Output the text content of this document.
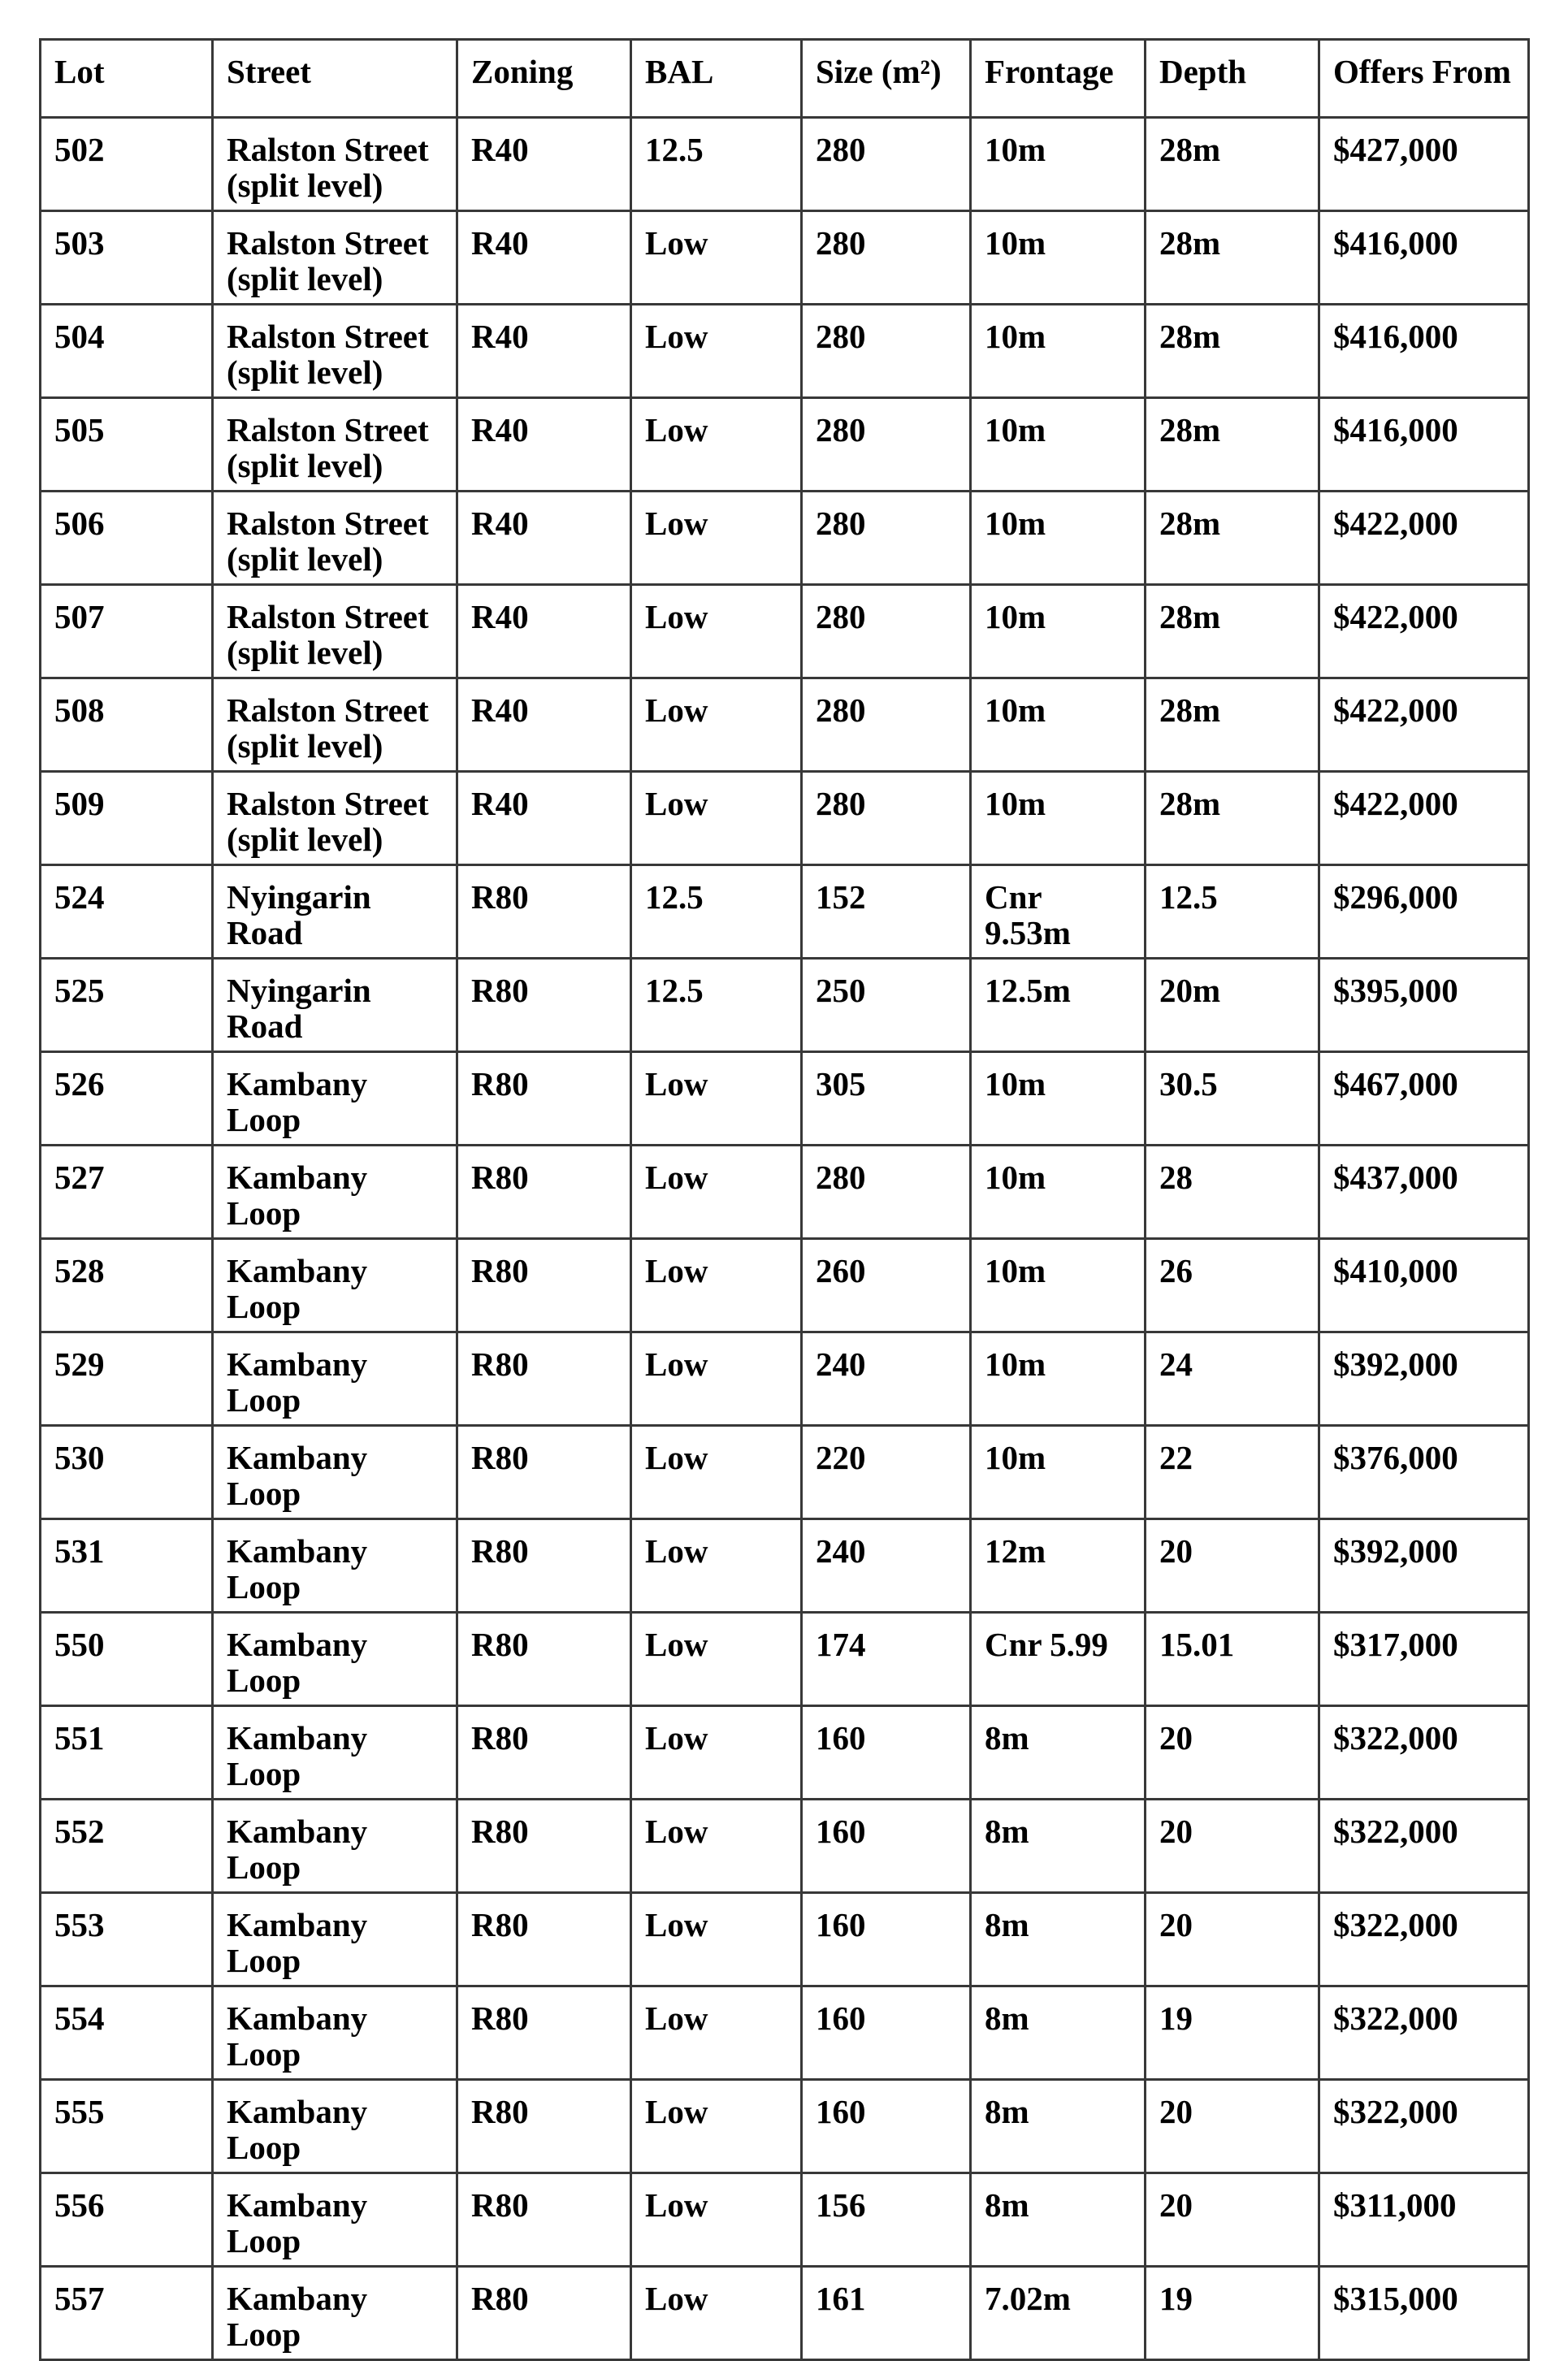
Lot	Street	Zoning	BAL	Size (m²)	Frontage	Depth	Offers From
502	Ralston Street (split level)	R40	12.5	280	10m	28m	$427,000
503	Ralston Street (split level)	R40	Low	280	10m	28m	$416,000
504	Ralston Street (split level)	R40	Low	280	10m	28m	$416,000
505	Ralston Street (split level)	R40	Low	280	10m	28m	$416,000
506	Ralston Street (split level)	R40	Low	280	10m	28m	$422,000
507	Ralston Street (split level)	R40	Low	280	10m	28m	$422,000
508	Ralston Street (split level)	R40	Low	280	10m	28m	$422,000
509	Ralston Street (split level)	R40	Low	280	10m	28m	$422,000
524	Nyingarin Road	R80	12.5	152	Cnr 9.53m	12.5	$296,000
525	Nyingarin Road	R80	12.5	250	12.5m	20m	$395,000
526	Kambany Loop	R80	Low	305	10m	30.5	$467,000
527	Kambany Loop	R80	Low	280	10m	28	$437,000
528	Kambany Loop	R80	Low	260	10m	26	$410,000
529	Kambany Loop	R80	Low	240	10m	24	$392,000
530	Kambany Loop	R80	Low	220	10m	22	$376,000
531	Kambany Loop	R80	Low	240	12m	20	$392,000
550	Kambany Loop	R80	Low	174	Cnr 5.99	15.01	$317,000
551	Kambany Loop	R80	Low	160	8m	20	$322,000
552	Kambany Loop	R80	Low	160	8m	20	$322,000
553	Kambany Loop	R80	Low	160	8m	20	$322,000
554	Kambany Loop	R80	Low	160	8m	19	$322,000
555	Kambany Loop	R80	Low	160	8m	20	$322,000
556	Kambany Loop	R80	Low	156	8m	20	$311,000
557	Kambany Loop	R80	Low	161	7.02m	19	$315,000
